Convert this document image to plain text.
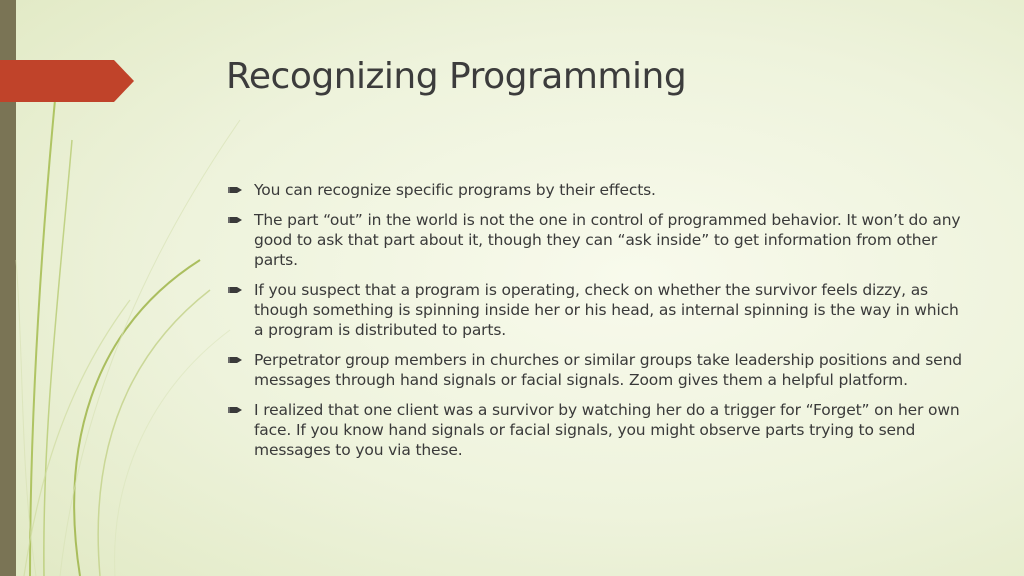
Recognizing Programming
You can recognize specific programs by their effects.
The part “out” in the world is not the one in control of programmed behavior. It won’t do any good to ask that part about it, though they can “ask inside” to get information from other parts.
If you suspect that a program is operating, check on whether the survivor feels dizzy, as though something is spinning inside her or his head, as internal spinning is the way in which a program is distributed to parts.
Perpetrator group members in churches or similar groups take leadership positions and send messages through hand signals or facial signals. Zoom gives them a helpful platform.
I realized that one client was a survivor by watching her do a trigger for “Forget” on her own face. If you know hand signals or facial signals, you might observe parts trying to send messages to you via these.
